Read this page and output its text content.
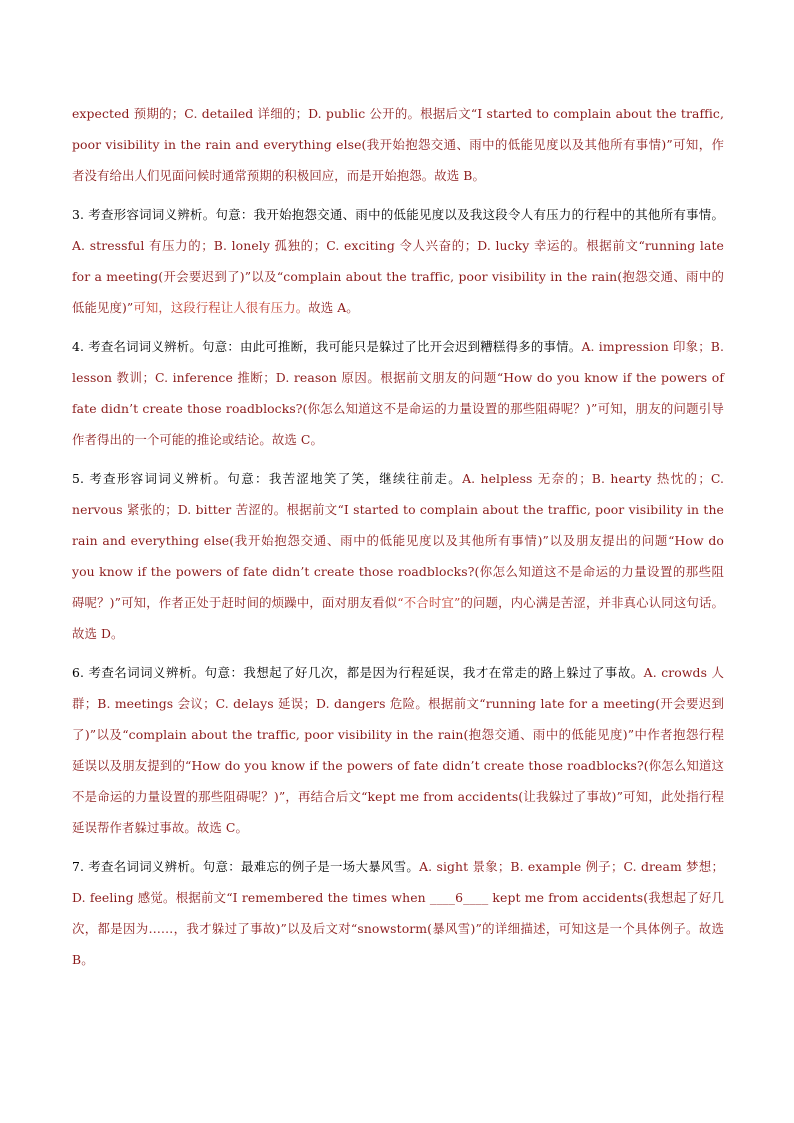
expected 预期的；C. detailed 详细的；D. public 公开的。根据后文“I started to complain about the traffic, poor visibility in the rain and everything else(我开始抱怨交通、雨中的低能见度以及其他所有事情)”可知，作者没有给出人们见面问候时通常预期的积极回应，而是开始抱怨。故选 B。

3. 考查形容词词义辨析。句意：我开始抱怨交通、雨中的低能见度以及我这段令人有压力的行程中的其他所有事情。A. stressful 有压力的；B. lonely 孤独的；C. exciting 令人兴奋的；D. lucky 幸运的。根据前文“running late for a meeting(开会要迟到了)”以及“complain about the traffic, poor visibility in the rain(抱怨交通、雨中的低能见度)”可知，这段行程让人很有压力。故选 A。

4. 考查名词词义辨析。句意：由此可推断，我可能只是躲过了比开会迟到糟糕得多的事情。A. impression 印象；B. lesson 教训；C. inference 推断；D. reason 原因。根据前文朋友的问题“How do you know if the powers of fate didn’t create those roadblocks?(你怎么知道这不是命运的力量设置的那些阻碍呢？)”可知，朋友的问题引导作者得出的一个可能的推论或结论。故选 C。

5. 考查形容词词义辨析。句意：我苦涩地笑了笑，继续往前走。A. helpless 无奈的；B. hearty 热忱的；C. nervous 紧张的；D. bitter 苦涩的。根据前文“I started to complain about the traffic, poor visibility in the rain and everything else(我开始抱怨交通、雨中的低能见度以及其他所有事情)”以及朋友提出的问题“How do you know if the powers of fate didn’t create those roadblocks?(你怎么知道这不是命运的力量设置的那些阻碍呢？)”可知，作者正处于赶时间的烦躁中，面对朋友看似“不合时宜”的问题，内心满是苦涩，并非真心认同这句话。故选 D。

6. 考查名词词义辨析。句意：我想起了好几次，都是因为行程延误，我才在常走的路上躲过了事故。A. crowds 人群；B. meetings 会议；C. delays 延误；D. dangers 危险。根据前文“running late for a meeting(开会要迟到了)”以及“complain about the traffic, poor visibility in the rain(抱怨交通、雨中的低能见度)”中作者抱怨行程延误以及朋友提到的“How do you know if the powers of fate didn’t create those roadblocks?(你怎么知道这不是命运的力量设置的那些阻碍呢？)”，再结合后文“kept me from accidents(让我躲过了事故)”可知，此处指行程延误帮作者躲过事故。故选 C。

7. 考查名词词义辨析。句意：最难忘的例子是一场大暴风雪。A. sight 景象；B. example 例子；C. dream 梦想；D. feeling 感觉。根据前文“I remembered the times when ____6____ kept me from accidents(我想起了好几次，都是因为……，我才躲过了事故)”以及后文对“snowstorm(暴风雪)”的详细描述，可知这是一个具体例子。故选 B。
